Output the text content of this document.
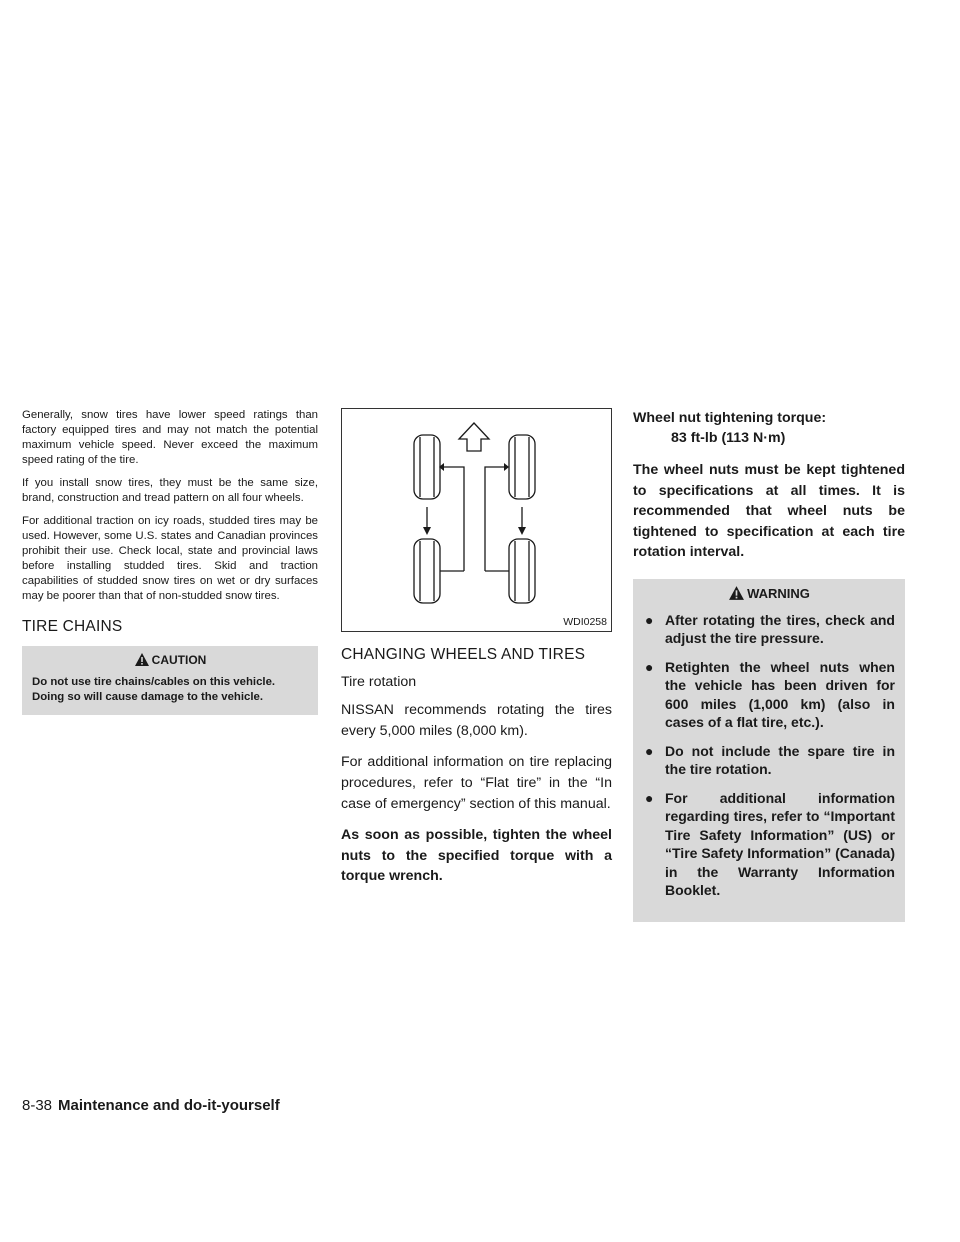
Generally, snow tires have lower speed ratings than factory equipped tires and may not match the potential maximum vehicle speed. Never exceed the maximum speed rating of the tire.

If you install snow tires, they must be the same size, brand, construction and tread pattern on all four wheels.

For additional traction on icy roads, studded tires may be used. However, some U.S. states and Canadian provinces prohibit their use. Check local, state and provincial laws before installing studded tires. Skid and traction capabilities of studded snow tires on wet or dry surfaces may be poorer than that of non-studded snow tires.

TIRE CHAINS
CAUTION

Do not use tire chains/cables on this vehicle. Doing so will cause damage to the vehicle.

WDI0258
CHANGING WHEELS AND TIRES
Tire rotation

NISSAN recommends rotating the tires every 5,000 miles (8,000 km).

For additional information on tire replacing procedures, refer to “Flat tire” in the “In case of emergency” section of this manual.

As soon as possible, tighten the wheel nuts to the specified torque with a torque wrench.

Wheel nut tightening torque:

83 ft-lb (113 N·m)

The wheel nuts must be kept tightened to specifications at all times. It is recommended that wheel nuts be tightened to specification at each tire rotation interval.

WARNING
● After rotating the tires, check and adjust the tire pressure.
● Retighten the wheel nuts when the vehicle has been driven for 600 miles (1,000 km) (also in cases of a flat tire, etc.).
● Do not include the spare tire in the tire rotation.
● For additional information regarding tires, refer to “Important Tire Safety Information” (US) or “Tire Safety Information” (Canada) in the Warranty Information Booklet.
8-38 Maintenance and do-it-yourself
